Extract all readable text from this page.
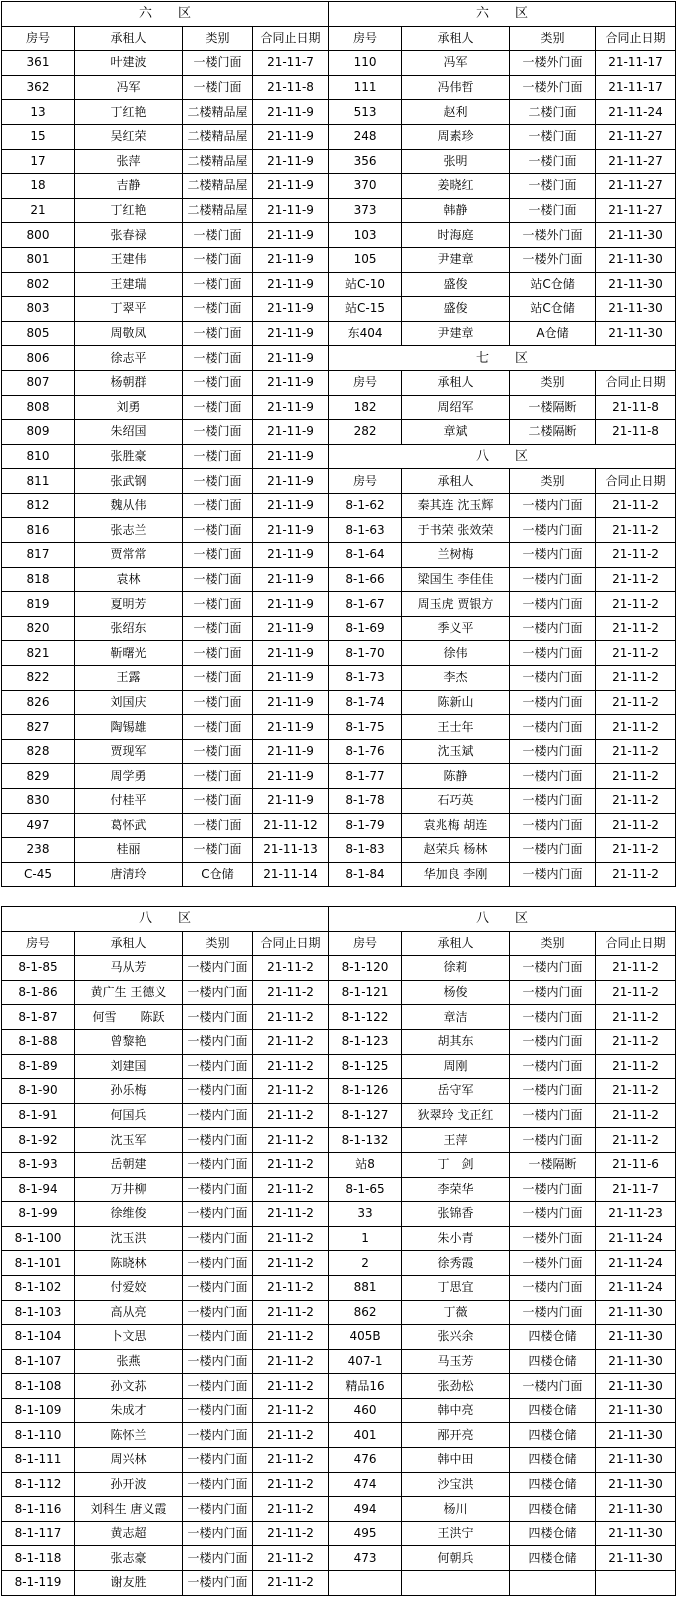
六　　区				六　　区			
房号	承租人	类别	合同止日期	房号	承租人	类别	合同止日期
361	叶建波	一楼门面	21-11-7	110	冯军	一楼外门面	21-11-17
362	冯军	一楼门面	21-11-8	111	冯伟哲	一楼外门面	21-11-17
13	丁红艳	二楼精品屋	21-11-9	513	赵利	二楼门面	21-11-24
15	吴红荣	二楼精品屋	21-11-9	248	周素珍	一楼门面	21-11-27
17	张萍	二楼精品屋	21-11-9	356	张明	一楼门面	21-11-27
18	吉静	二楼精品屋	21-11-9	370	姜晓红	一楼门面	21-11-27
21	丁红艳	二楼精品屋	21-11-9	373	韩静	一楼门面	21-11-27
800	张春禄	一楼门面	21-11-9	103	时海庭	一楼外门面	21-11-30
801	王建伟	一楼门面	21-11-9	105	尹建章	一楼外门面	21-11-30
802	王建瑞	一楼门面	21-11-9	站C-10	盛俊	站C仓储	21-11-30
803	丁翠平	一楼门面	21-11-9	站C-15	盛俊	站C仓储	21-11-30
805	周敬凤	一楼门面	21-11-9	东404	尹建章	A仓储	21-11-30
806	徐志平	一楼门面	21-11-9	七　　区			
807	杨朝群	一楼门面	21-11-9	房号	承租人	类别	合同止日期
808	刘勇	一楼门面	21-11-9	182	周绍军	一楼隔断	21-11-8
809	朱绍国	一楼门面	21-11-9	282	章斌	二楼隔断	21-11-8
810	张胜豪	一楼门面	21-11-9	八　　区			
811	张武钢	一楼门面	21-11-9	房号	承租人	类别	合同止日期
812	魏从伟	一楼门面	21-11-9	8-1-62	秦其连 沈玉辉	一楼内门面	21-11-2
816	张志兰	一楼门面	21-11-9	8-1-63	于书荣 张效荣	一楼内门面	21-11-2
817	贾常常	一楼门面	21-11-9	8-1-64	兰树梅	一楼内门面	21-11-2
818	袁林	一楼门面	21-11-9	8-1-66	梁国生 李佳佳	一楼内门面	21-11-2
819	夏明芳	一楼门面	21-11-9	8-1-67	周玉虎 贾银方	一楼内门面	21-11-2
820	张绍东	一楼门面	21-11-9	8-1-69	季义平	一楼内门面	21-11-2
821	靳曙光	一楼门面	21-11-9	8-1-70	徐伟	一楼内门面	21-11-2
822	王露	一楼门面	21-11-9	8-1-73	李杰	一楼内门面	21-11-2
826	刘国庆	一楼门面	21-11-9	8-1-74	陈新山	一楼内门面	21-11-2
827	陶锡雄	一楼门面	21-11-9	8-1-75	王士年	一楼内门面	21-11-2
828	贾现军	一楼门面	21-11-9	8-1-76	沈玉斌	一楼内门面	21-11-2
829	周学勇	一楼门面	21-11-9	8-1-77	陈静	一楼内门面	21-11-2
830	付桂平	一楼门面	21-11-9	8-1-78	石巧英	一楼内门面	21-11-2
497	葛怀武	一楼门面	21-11-12	8-1-79	袁兆梅 胡连	一楼内门面	21-11-2
238	桂丽	一楼门面	21-11-13	8-1-83	赵荣兵 杨林	一楼内门面	21-11-2
C-45	唐清玲	C仓储	21-11-14	8-1-84	华加良 李刚	一楼内门面	21-11-2
八　　区				八　　区			
房号	承租人	类别	合同止日期	房号	承租人	类别	合同止日期
8-1-85	马从芳	一楼内门面	21-11-2	8-1-120	徐莉	一楼内门面	21-11-2
8-1-86	黄广生 王德义	一楼内门面	21-11-2	8-1-121	杨俊	一楼内门面	21-11-2
8-1-87	何雪　　陈跃	一楼内门面	21-11-2	8-1-122	章洁	一楼内门面	21-11-2
8-1-88	曾黎艳	一楼内门面	21-11-2	8-1-123	胡其东	一楼内门面	21-11-2
8-1-89	刘建国	一楼内门面	21-11-2	8-1-125	周刚	一楼内门面	21-11-2
8-1-90	孙乐梅	一楼内门面	21-11-2	8-1-126	岳守军	一楼内门面	21-11-2
8-1-91	何国兵	一楼内门面	21-11-2	8-1-127	狄翠玲 戈正红	一楼内门面	21-11-2
8-1-92	沈玉军	一楼内门面	21-11-2	8-1-132	王萍	一楼内门面	21-11-2
8-1-93	岳朝建	一楼内门面	21-11-2	站8	丁　剑	一楼隔断	21-11-6
8-1-94	万井柳	一楼内门面	21-11-2	8-1-65	李荣华	一楼内门面	21-11-7
8-1-99	徐维俊	一楼内门面	21-11-2	33	张锦香	一楼内门面	21-11-23
8-1-100	沈玉洪	一楼内门面	21-11-2	1	朱小青	一楼外门面	21-11-24
8-1-101	陈晓林	一楼内门面	21-11-2	2	徐秀霞	一楼外门面	21-11-24
8-1-102	付爱姣	一楼内门面	21-11-2	881	丁思宜	一楼内门面	21-11-24
8-1-103	高从亮	一楼内门面	21-11-2	862	丁薇	一楼内门面	21-11-30
8-1-104	卜文思	一楼内门面	21-11-2	405B	张兴余	四楼仓储	21-11-30
8-1-107	张燕	一楼内门面	21-11-2	407-1	马玉芳	四楼仓储	21-11-30
8-1-108	孙文荪	一楼内门面	21-11-2	精品16	张劲松	一楼内门面	21-11-30
8-1-109	朱成才	一楼内门面	21-11-2	460	韩中亮	四楼仓储	21-11-30
8-1-110	陈怀兰	一楼内门面	21-11-2	401	邴开亮	四楼仓储	21-11-30
8-1-111	周兴林	一楼内门面	21-11-2	476	韩中田	四楼仓储	21-11-30
8-1-112	孙开波	一楼内门面	21-11-2	474	沙宝洪	四楼仓储	21-11-30
8-1-116	刘科生 唐义霞	一楼内门面	21-11-2	494	杨川	四楼仓储	21-11-30
8-1-117	黄志超	一楼内门面	21-11-2	495	王洪宁	四楼仓储	21-11-30
8-1-118	张志豪	一楼内门面	21-11-2	473	何朝兵	四楼仓储	21-11-30
8-1-119	谢友胜	一楼内门面	21-11-2				
